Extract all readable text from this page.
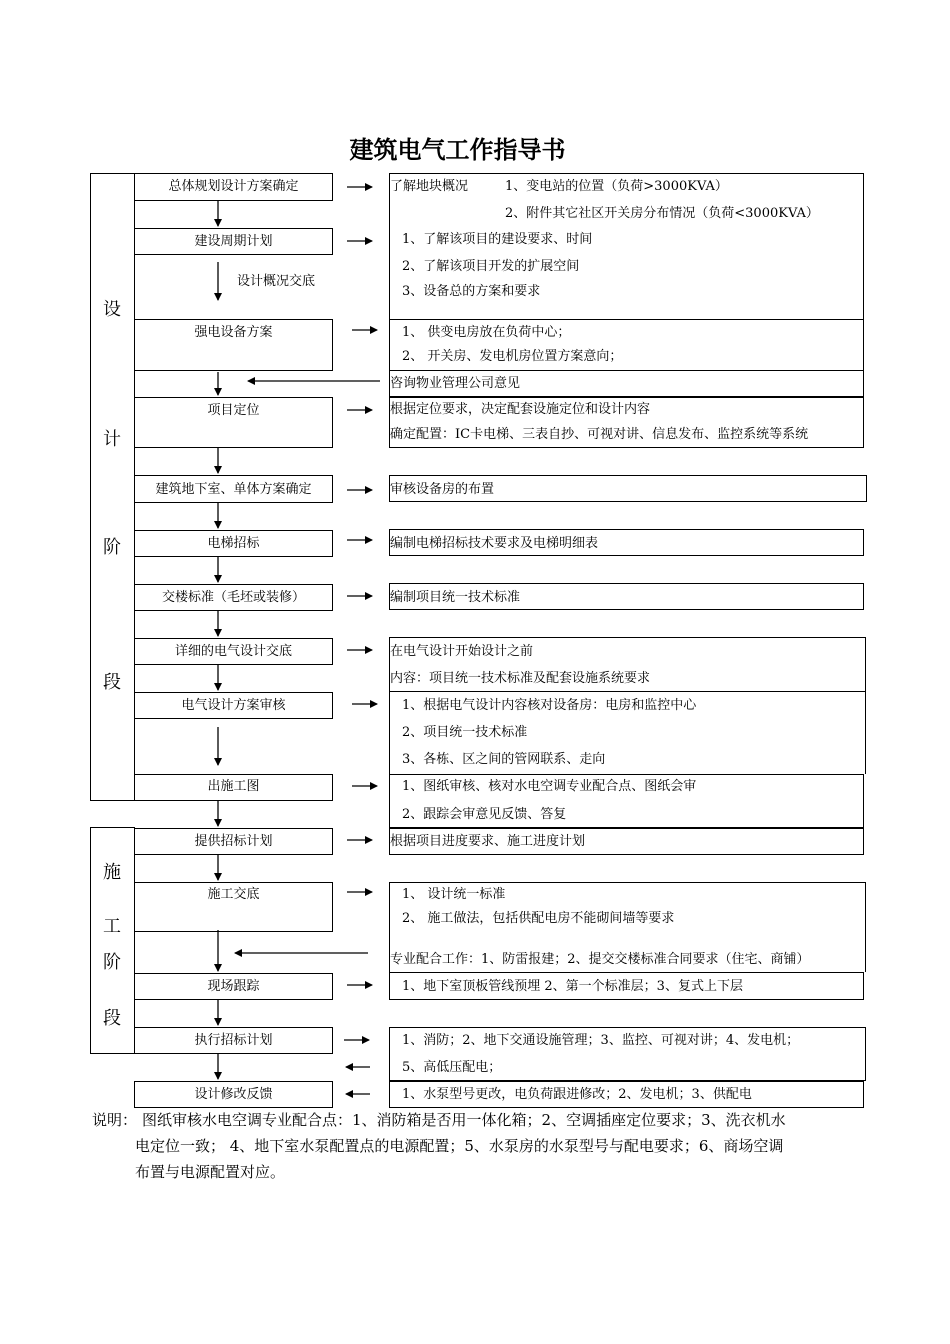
建筑电气工作指导书
设
计
阶
段
施
工
阶
段
总体规划设计方案确定
建设周期计划
强电设备方案
项目定位
建筑地下室、单体方案确定
电梯招标
交楼标准（毛坯或装修）
详细的电气设计交底
电气设计方案审核
出施工图
提供招标计划
施工交底
现场跟踪
执行招标计划
设计修改反馈
设计概况交底
了解地块概况	1、变电站的位置（负荷>3000KVA）
2、附件其它社区开关房分布情况（负荷<3000KVA）
1、了解该项目的建设要求、时间
2、了解该项目开发的扩展空间
3、设备总的方案和要求
1、 供变电房放在负荷中心；
2、 开关房、发电机房位置方案意向；
咨询物业管理公司意见
根据定位要求，决定配套设施定位和设计内容
确定配置：IC卡电梯、三表自抄、可视对讲、信息发布、监控系统等系统
审核设备房的布置
编制电梯招标技术要求及电梯明细表
编制项目统一技术标准
在电气设计开始设计之前
内容：项目统一技术标准及配套设施系统要求
1、根据电气设计内容核对设备房：电房和监控中心
2、项目统一技术标准
3、各栋、区之间的管网联系、走向
1、图纸审核、核对水电空调专业配合点、图纸会审
2、跟踪会审意见反馈、答复
根据项目进度要求、施工进度计划
1、 设计统一标准
2、 施工做法，包括供配电房不能砌间墙等要求
专业配合工作：1、防雷报建；2、提交交楼标准合同要求（住宅、商铺）
1、地下室顶板管线预埋 2、第一个标准层；3、复式上下层
1、消防；2、地下交通设施管理；3、监控、可视对讲；4、发电机；
5、高低压配电；
1、水泵型号更改，电负荷跟进修改；2、发电机；3、供配电
说明： 图纸审核水电空调专业配合点：1、消防箱是否用一体化箱；2、空调插座定位要求；3、洗衣机水
电定位一致； 4、地下室水泵配置点的电源配置；5、水泵房的水泵型号与配电要求；6、商场空调
布置与电源配置对应。
